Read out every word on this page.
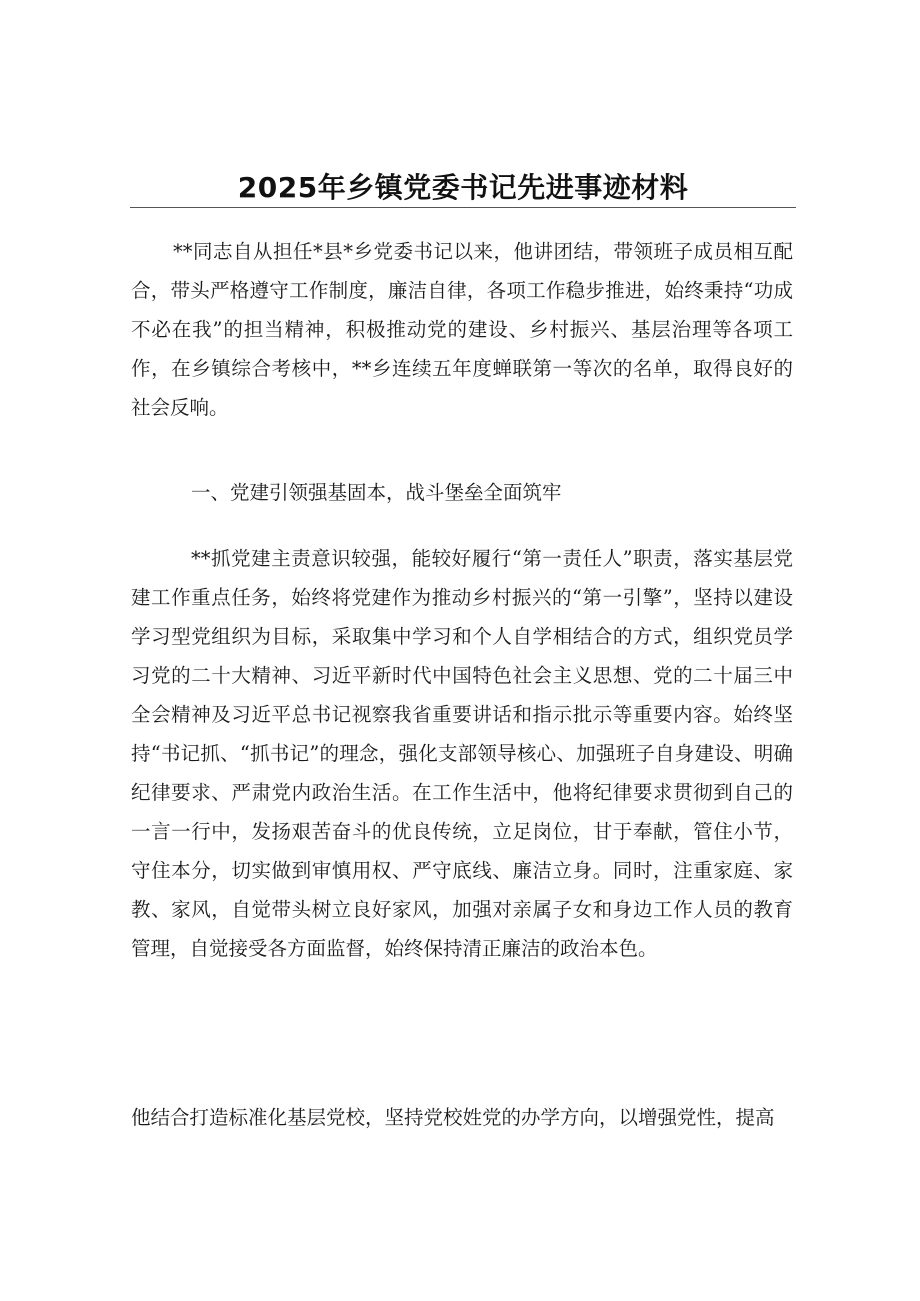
2025年乡镇党委书记先进事迹材料

**同志自从担任*县*乡党委书记以来，他讲团结，带领班子成员相互配合，带头严格遵守工作制度，廉洁自律，各项工作稳步推进，始终秉持“功成不必在我”的担当精神，积极推动党的建设、乡村振兴、基层治理等各项工作，在乡镇综合考核中，**乡连续五年度蝉联第一等次的名单，取得良好的社会反响。

一、党建引领强基固本，战斗堡垒全面筑牢

**抓党建主责意识较强，能较好履行“第一责任人”职责，落实基层党建工作重点任务，始终将党建作为推动乡村振兴的“第一引擎”，坚持以建设学习型党组织为目标，采取集中学习和个人自学相结合的方式，组织党员学习党的二十大精神、习近平新时代中国特色社会主义思想、党的二十届三中全会精神及习近平总书记视察我省重要讲话和指示批示等重要内容。始终坚持“书记抓、“抓书记”的理念，强化支部领导核心、加强班子自身建设、明确纪律要求、严肃党内政治生活。在工作生活中，他将纪律要求贯彻到自己的一言一行中，发扬艰苦奋斗的优良传统，立足岗位，甘于奉献，管住小节，守住本分，切实做到审慎用权、严守底线、廉洁立身。同时，注重家庭、家教、家风，自觉带头树立良好家风，加强对亲属子女和身边工作人员的教育管理，自觉接受各方面监督，始终保持清正廉洁的政治本色。

他结合打造标准化基层党校，坚持党校姓党的办学方向，以增强党性，提高
